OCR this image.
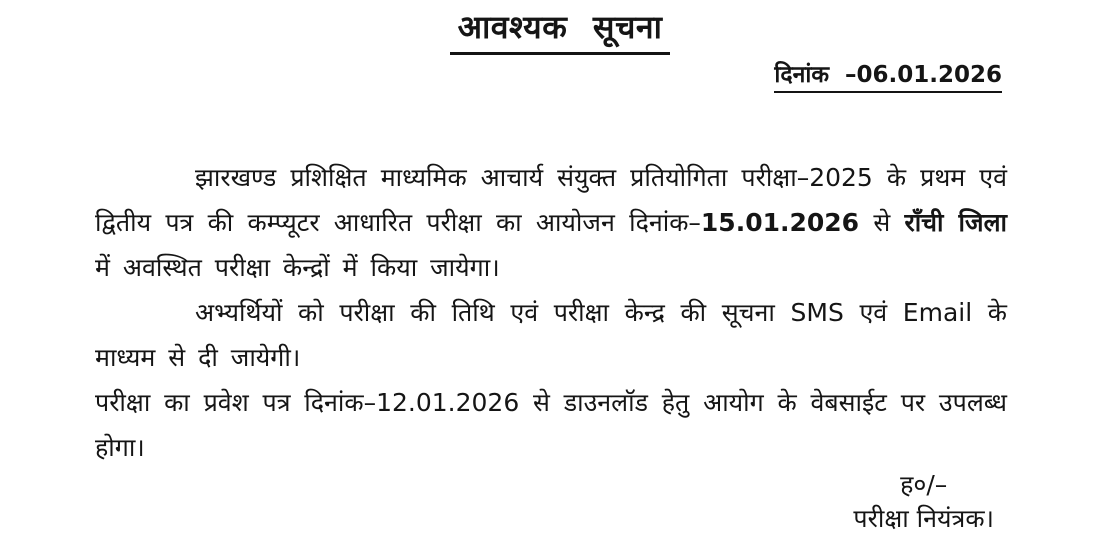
आवश्यक सूचना
दिनांक –06.01.2026

झारखण्ड प्रशिक्षित माध्यमिक आचार्य संयुक्त प्रतियोगिता परीक्षा–2025 के प्रथम एवं द्वितीय पत्र की कम्प्यूटर आधारित परीक्षा का आयोजन दिनांक–15.01.2026 से राँची जिला में अवस्थित परीक्षा केन्द्रों में किया जायेगा।

अभ्यर्थियों को परीक्षा की तिथि एवं परीक्षा केन्द्र की सूचना SMS एवं Email के माध्यम से दी जायेगी।

परीक्षा का प्रवेश पत्र दिनांक–12.01.2026 से डाउनलॉड हेतु आयोग के वेबसाईट पर उपलब्ध होगा।

ह०/–
परीक्षा नियंत्रक।
